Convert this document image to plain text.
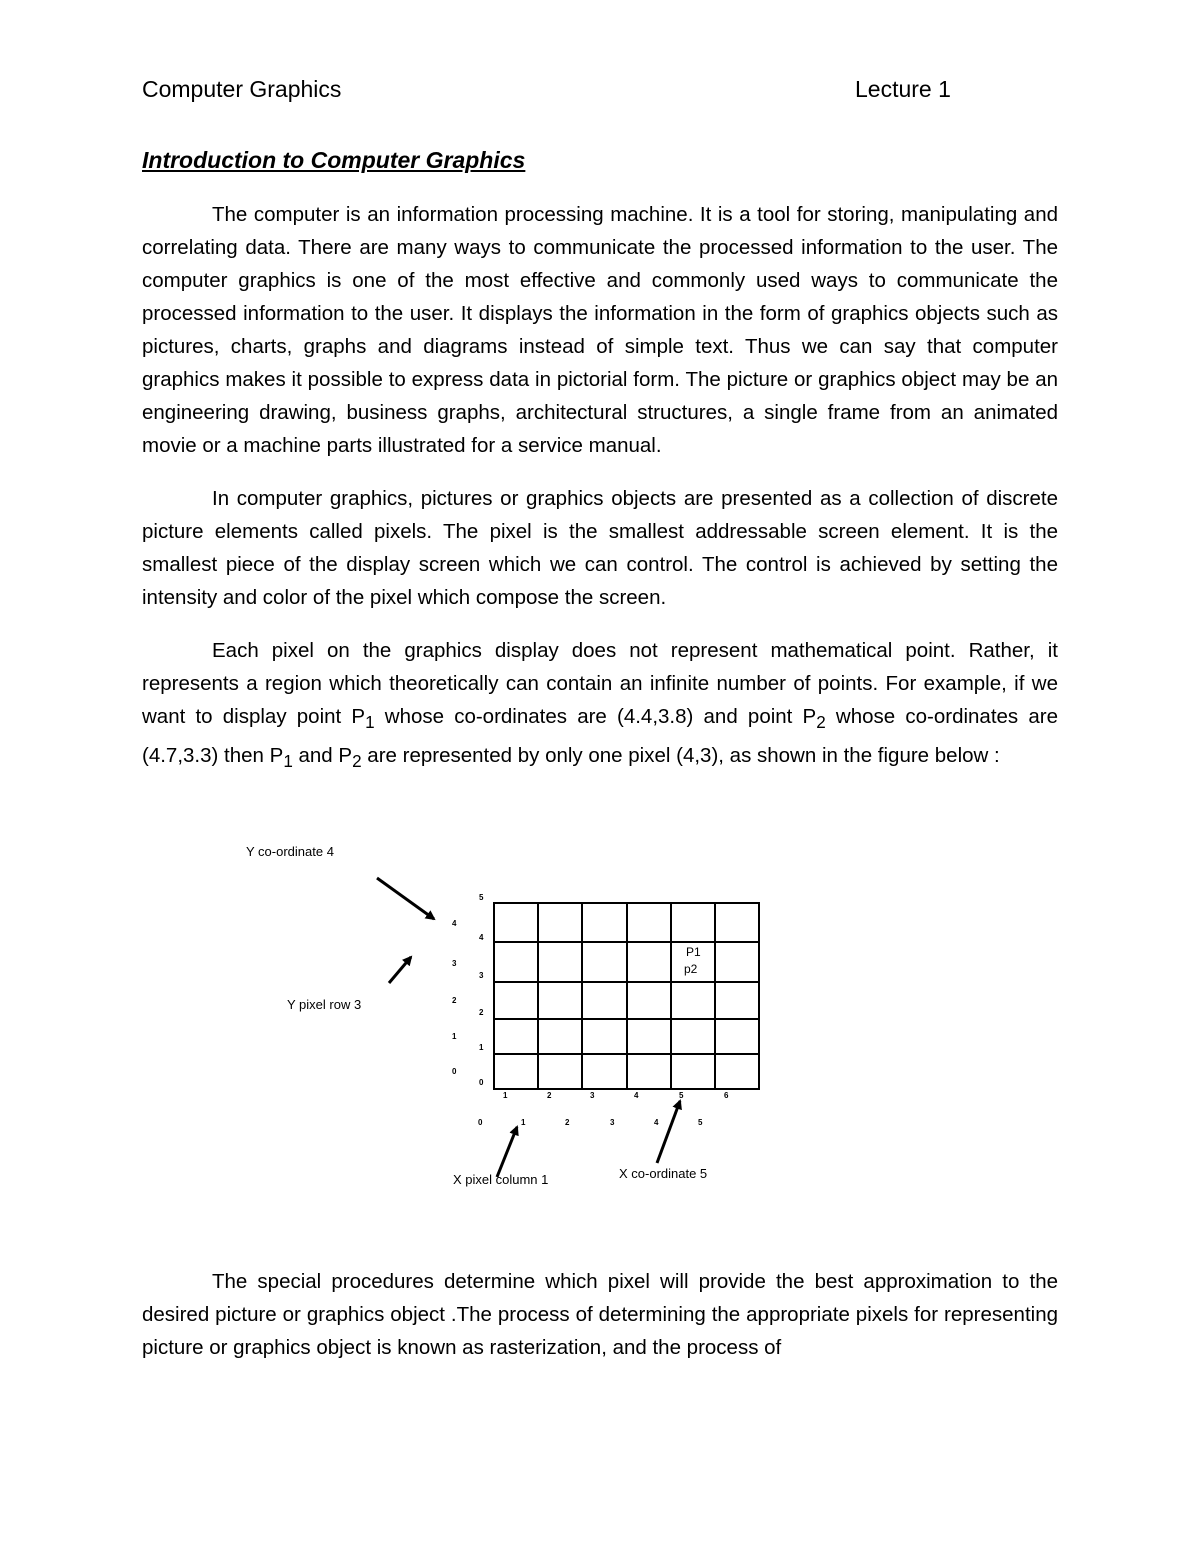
Computer Graphics	Lecture 1
Introduction to Computer Graphics

The computer is an information processing machine. It is a tool for storing, manipulating and correlating data. There are many ways to communicate the processed information to the user. The computer graphics is one of the most effective and commonly used ways to communicate the processed information to the user. It displays the information in the form of graphics objects such as pictures, charts, graphs and diagrams instead of simple text. Thus we can say that computer graphics makes it possible to express data in pictorial form. The picture or graphics object may be an engineering drawing, business graphs, architectural structures, a single frame from an animated movie or a machine parts illustrated for a service manual.

In computer graphics, pictures or graphics objects are presented as a collection of discrete picture elements called pixels. The pixel is the smallest addressable screen element. It is the smallest piece of the display screen which we can control. The control is achieved by setting the intensity and color of the pixel which compose the screen.

Each pixel on the graphics display does not represent mathematical point. Rather, it represents a region which theoretically can contain an infinite number of points. For example, if we want to display point $P_1$ whose co-ordinates are (4.4,3.8) and point $P_2$ whose co-ordinates are (4.7,3.3) then $P_1$ and $P_2$ are represented by only one pixel (4,3), as shown in the figure below :

5
4
3
2
1
0
4
3
2
1
0
1	2	3	4	5	6
0	1	2	3	4	5
P1
p2
Y co-ordinate 4
Y pixel row 3
X pixel column 1	X co-ordinate 5

The special procedures determine which pixel will provide the best approximation to the desired picture or graphics object .The process of determining the appropriate pixels for representing picture or graphics object is known as rasterization, and the process of
